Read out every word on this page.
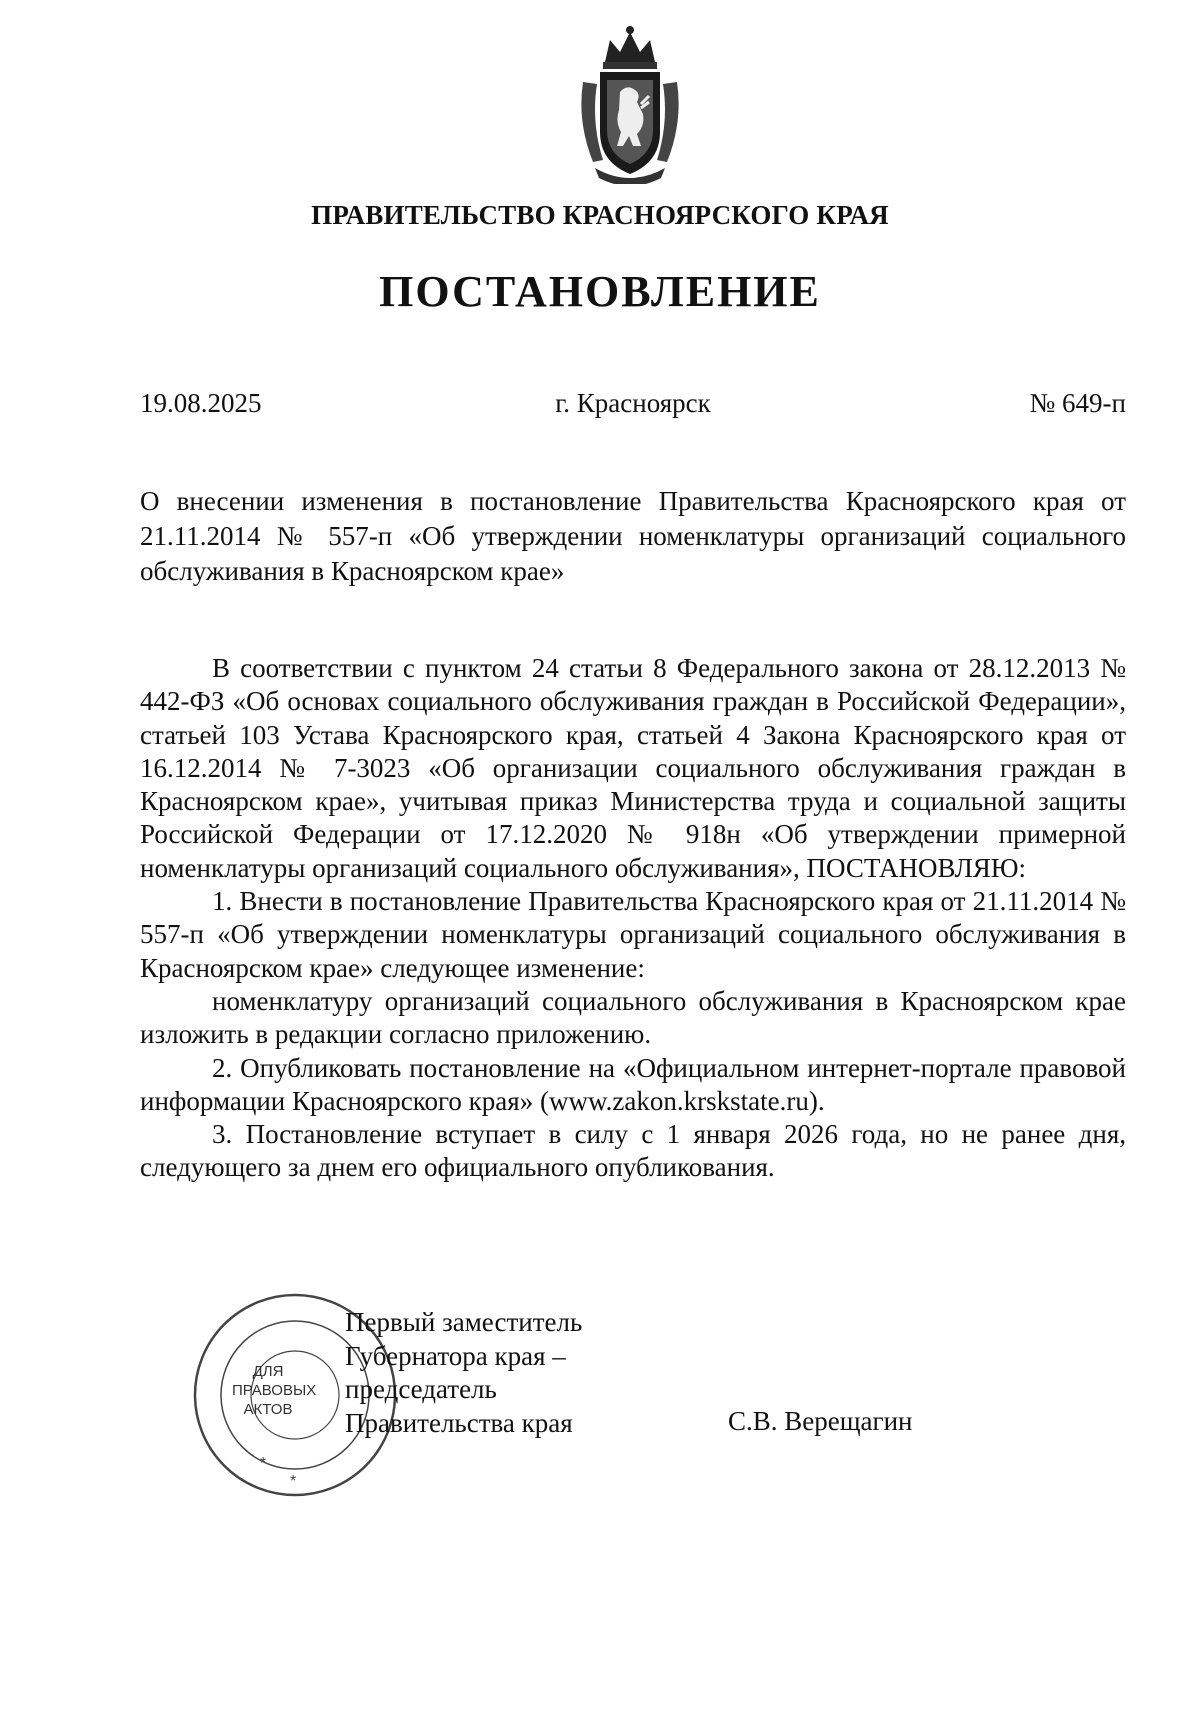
ПРАВИТЕЛЬСТВО КРАСНОЯРСКОГО КРАЯ
ПОСТАНОВЛЕНИЕ
г. Красноярск
19.08.2025	№ 649-п
О внесении изменения в постановление Правительства Красноярского края от 21.11.2014 № 557-п «Об утверждении номенклатуры организаций социального обслуживания в Красноярском крае»

В соответствии с пунктом 24 статьи 8 Федерального закона от 28.12.2013 № 442-ФЗ «Об основах социального обслуживания граждан в Российской Федерации», статьей 103 Устава Красноярского края, статьей 4 Закона Красноярского края от 16.12.2014 № 7-3023 «Об организации социального обслуживания граждан в Красноярском крае», учитывая приказ Министерства труда и социальной защиты Российской Федерации от 17.12.2020 № 918н «Об утверждении примерной номенклатуры организаций социального обслуживания», ПОСТАНОВЛЯЮ:

1. Внести в постановление Правительства Красноярского края от 21.11.2014 № 557-п «Об утверждении номенклатуры организаций социального обслуживания в Красноярском крае» следующее изменение:

номенклатуру организаций социального обслуживания в Красноярском крае изложить в редакции согласно приложению.

2. Опубликовать постановление на «Официальном интернет-портале правовой информации Красноярского края» (www.zakon.krskstate.ru).

3. Постановление вступает в силу с 1 января 2026 года, но не ранее дня, следующего за днем его официального опубликования.

*
*
ДЛЯ
ПРАВОВЫХ
АКТОВ
Первый заместитель
Губернатора края –
председатель
Правительства края	С.В. Верещагин
